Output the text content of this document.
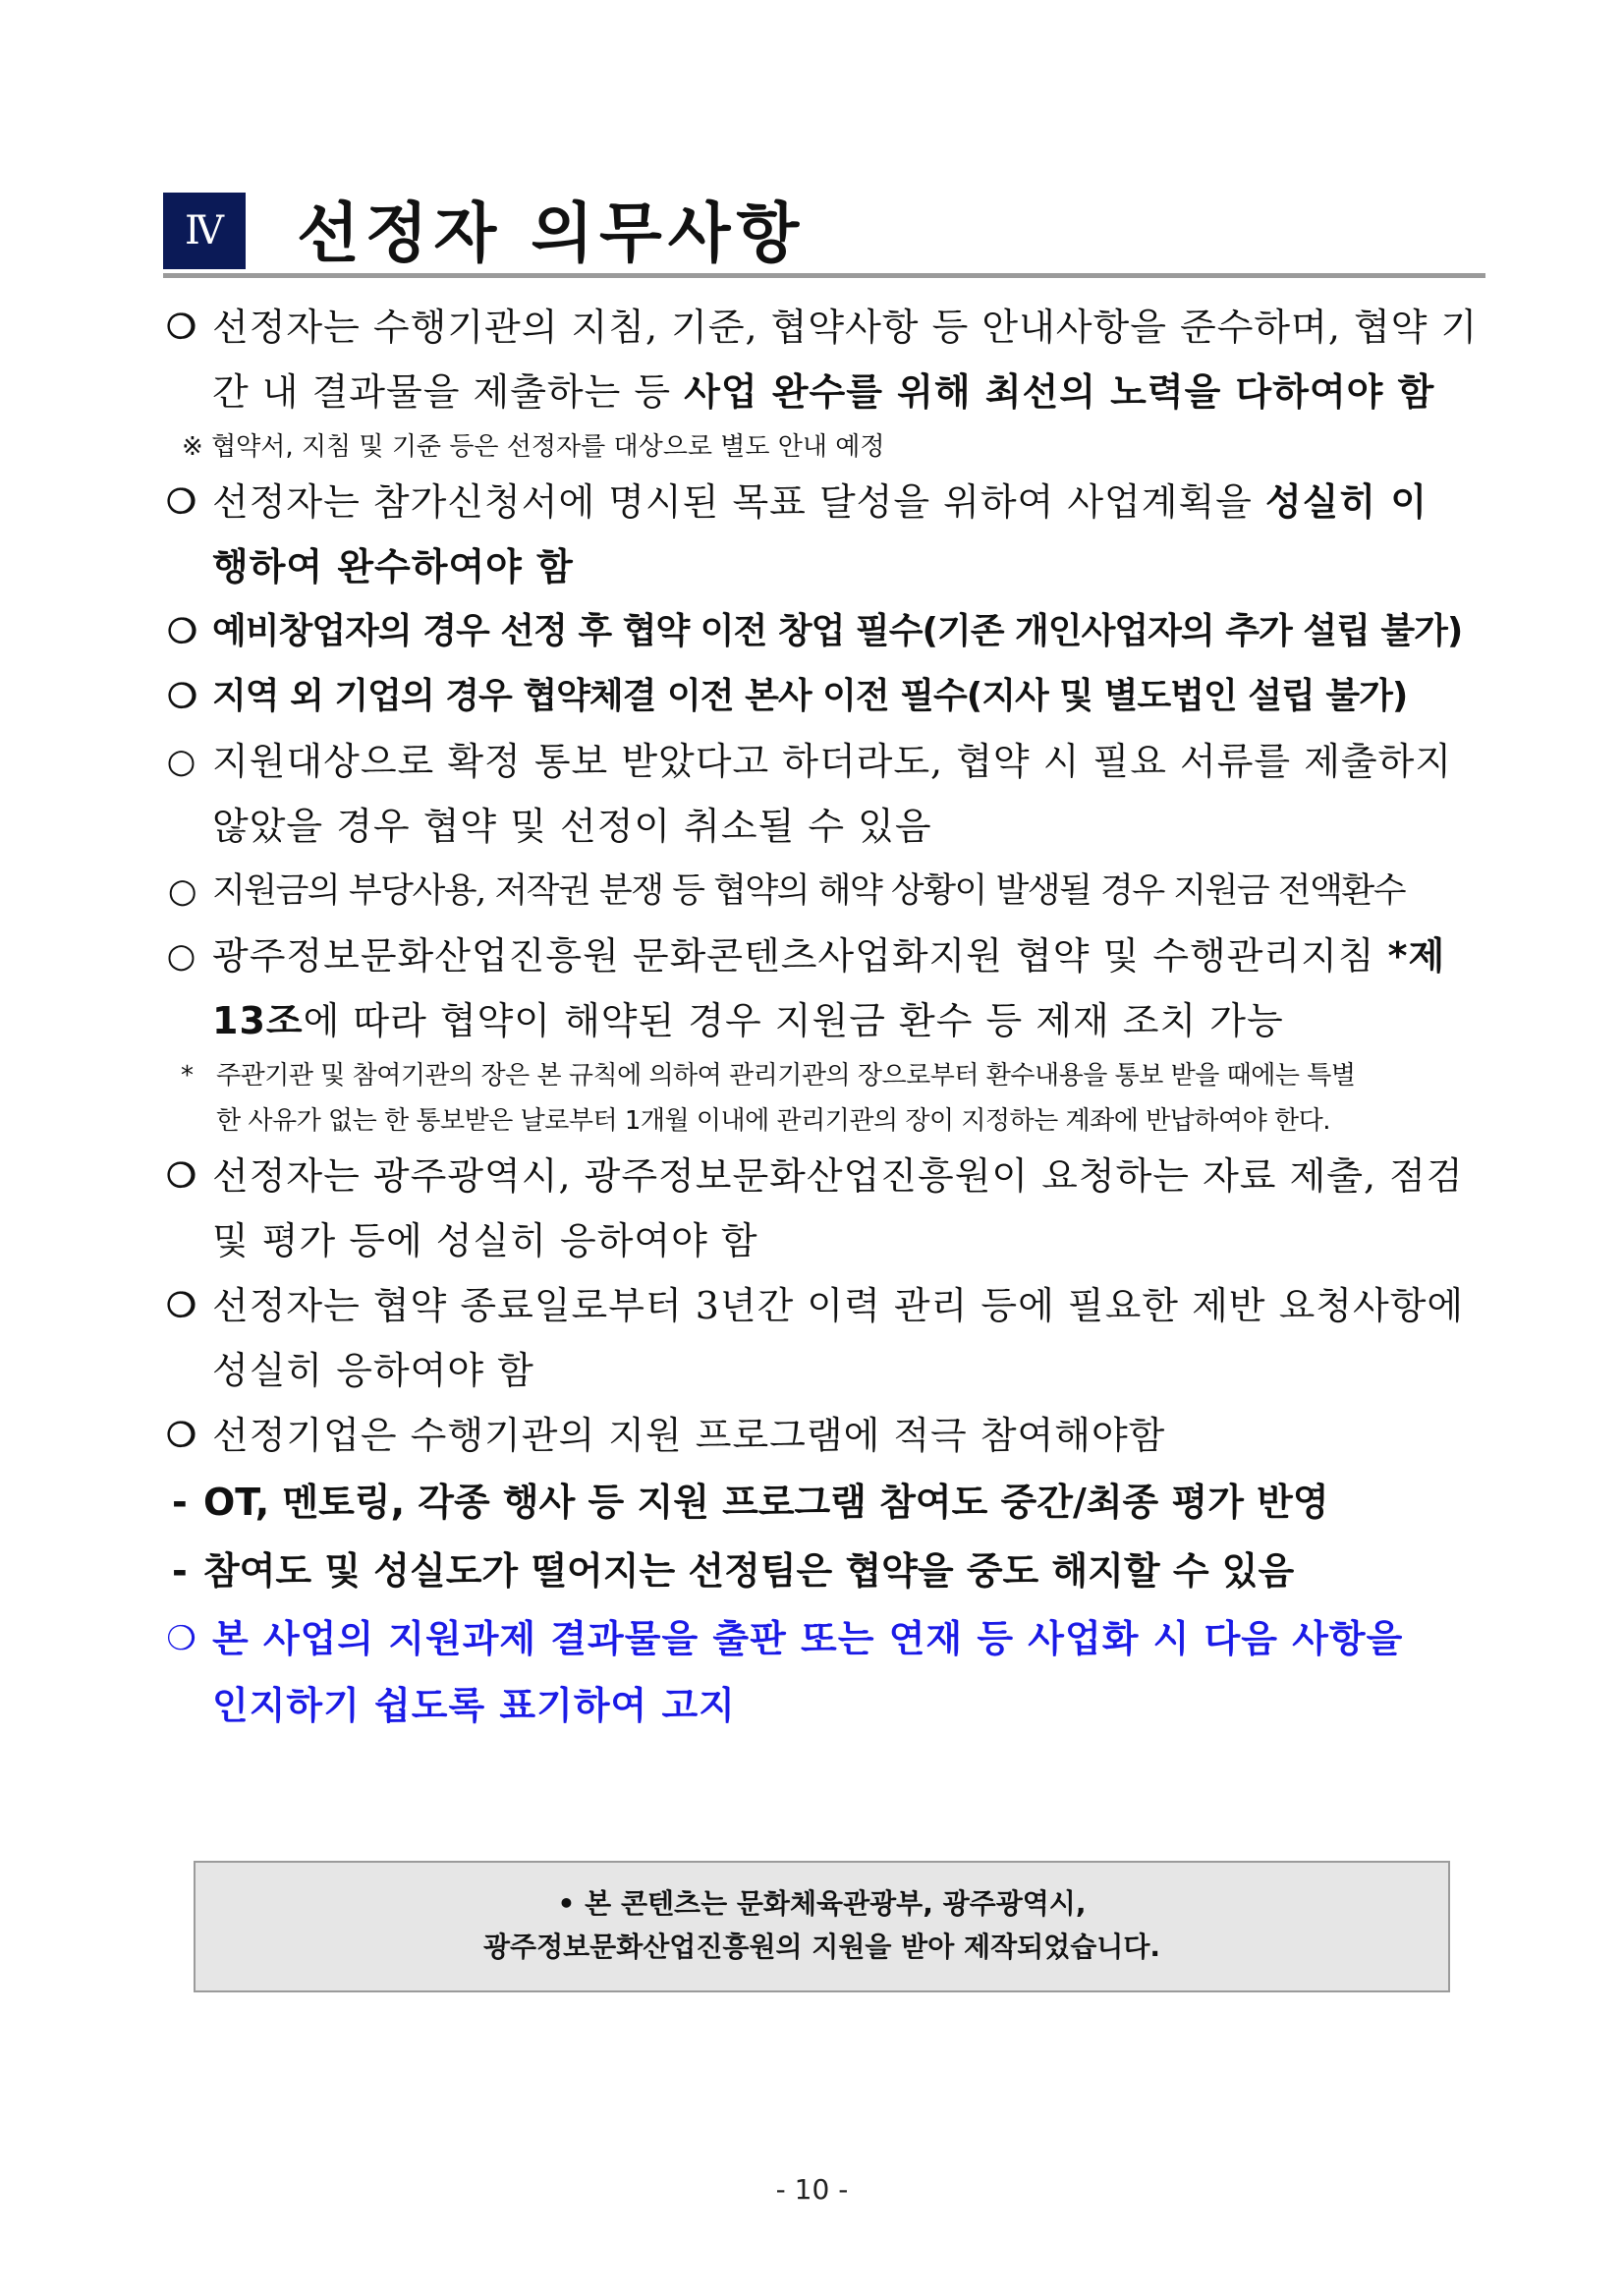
Ⅳ	선정자 의무사항
❍ 선정자는 수행기관의 지침, 기준, 협약사항 등 안내사항을 준수하며, 협약 기
간 내 결과물을 제출하는 등 사업 완수를 위해 최선의 노력을 다하여야 함
※ 협약서, 지침 및 기준 등은 선정자를 대상으로 별도 안내 예정
❍ 선정자는 참가신청서에 명시된 목표 달성을 위하여 사업계획을 성실히 이
행하여 완수하여야 함
❍ 예비창업자의 경우 선정 후 협약 이전 창업 필수(기존 개인사업자의 추가 설립 불가)
❍ 지역 외 기업의 경우 협약체결 이전 본사 이전 필수(지사 및 별도법인 설립 불가)
○ 지원대상으로 확정 통보 받았다고 하더라도, 협약 시 필요 서류를 제출하지
않았을 경우 협약 및 선정이 취소될 수 있음
○ 지원금의 부당사용, 저작권 분쟁 등 협약의 해약 상황이 발생될 경우 지원금 전액환수
○ 광주정보문화산업진흥원 문화콘텐츠사업화지원 협약 및 수행관리지침 *제
13조에 따라 협약이 해약된 경우 지원금 환수 등 제재 조치 가능
* 주관기관 및 참여기관의 장은 본 규칙에 의하여 관리기관의 장으로부터 환수내용을 통보 받을 때에는 특별
한 사유가 없는 한 통보받은 날로부터 1개월 이내에 관리기관의 장이 지정하는 계좌에 반납하여야 한다.
❍ 선정자는 광주광역시, 광주정보문화산업진흥원이 요청하는 자료 제출, 점검
및 평가 등에 성실히 응하여야 함
❍ 선정자는 협약 종료일로부터 3년간 이력 관리 등에 필요한 제반 요청사항에
성실히 응하여야 함
❍ 선정기업은 수행기관의 지원 프로그램에 적극 참여해야함
- OT, 멘토링, 각종 행사 등 지원 프로그램 참여도 중간/최종 평가 반영
- 참여도 및 성실도가 떨어지는 선정팀은 협약을 중도 해지할 수 있음
❍ 본 사업의 지원과제 결과물을 출판 또는 연재 등 사업화 시 다음 사항을
인지하기 쉽도록 표기하여 고지
• 본 콘텐츠는 문화체육관광부, 광주광역시,
광주정보문화산업진흥원의 지원을 받아 제작되었습니다.
- 10 -
